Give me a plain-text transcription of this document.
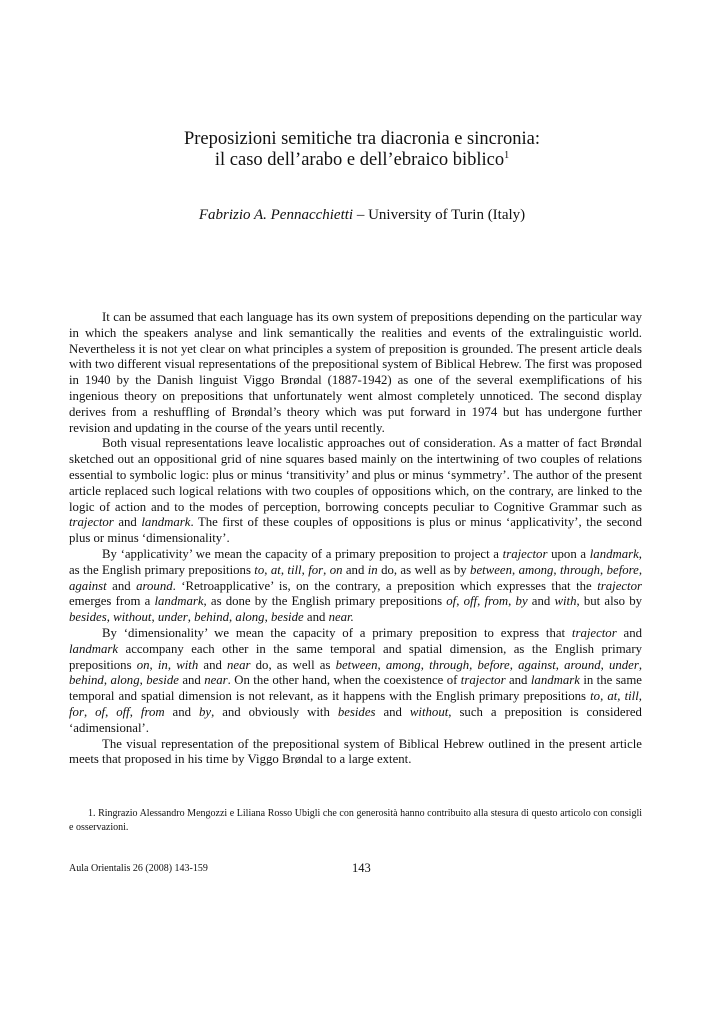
Preposizioni semitiche tra diacronia e sincronia:
il caso dell’arabo e dell’ebraico biblico$^1$
Fabrizio A. Pennacchietti – University of Turin (Italy)

It can be assumed that each language has its own system of prepositions depending on the particular way in which the speakers analyse and link semantically the realities and events of the extralinguistic world. Nevertheless it is not yet clear on what principles a system of preposition is grounded. The present article deals with two different visual representations of the prepositional system of Biblical Hebrew. The first was proposed in 1940 by the Danish linguist Viggo Brøndal (1887-1942) as one of the several exemplifications of his ingenious theory on prepositions that unfortunately went almost completely unnoticed. The second display derives from a reshuffling of Brøndal’s theory which was put forward in 1974 but has undergone further revision and updating in the course of the years until recently.

Both visual representations leave localistic approaches out of consideration. As a matter of fact Brøndal sketched out an oppositional grid of nine squares based mainly on the intertwining of two couples of relations essential to symbolic logic: plus or minus ‘transitivity’ and plus or minus ‘symmetry’. The author of the present article replaced such logical relations with two couples of oppositions which, on the contrary, are linked to the logic of action and to the modes of perception, borrowing concepts peculiar to Cognitive Grammar such as trajector and landmark. The first of these couples of oppositions is plus or minus ‘applicativity’, the second plus or minus ‘dimensionality’.

By ‘applicativity’ we mean the capacity of a primary preposition to project a trajector upon a landmark, as the English primary prepositions to, at, till, for, on and in do, as well as by between, among, through, before, against and around. ‘Retroapplicative’ is, on the contrary, a preposition which expresses that the trajector emerges from a landmark, as done by the English primary prepositions of, off, from, by and with, but also by besides, without, under, behind, along, beside and near.

By ‘dimensionality’ we mean the capacity of a primary preposition to express that trajector and landmark accompany each other in the same temporal and spatial dimension, as the English primary prepositions on, in, with and near do, as well as between, among, through, before, against, around, under, behind, along, beside and near. On the other hand, when the coexistence of trajector and landmark in the same temporal and spatial dimension is not relevant, as it happens with the English primary prepositions to, at, till, for, of, off, from and by, and obviously with besides and without, such a preposition is considered ‘adimensional’.

The visual representation of the prepositional system of Biblical Hebrew outlined in the present article meets that proposed in his time by Viggo Brøndal to a large extent.

1. Ringrazio Alessandro Mengozzi e Liliana Rosso Ubigli che con generosità hanno contribuito alla stesura di questo articolo con consigli e osservazioni.

Aula Orientalis 26 (2008) 143-159	143
